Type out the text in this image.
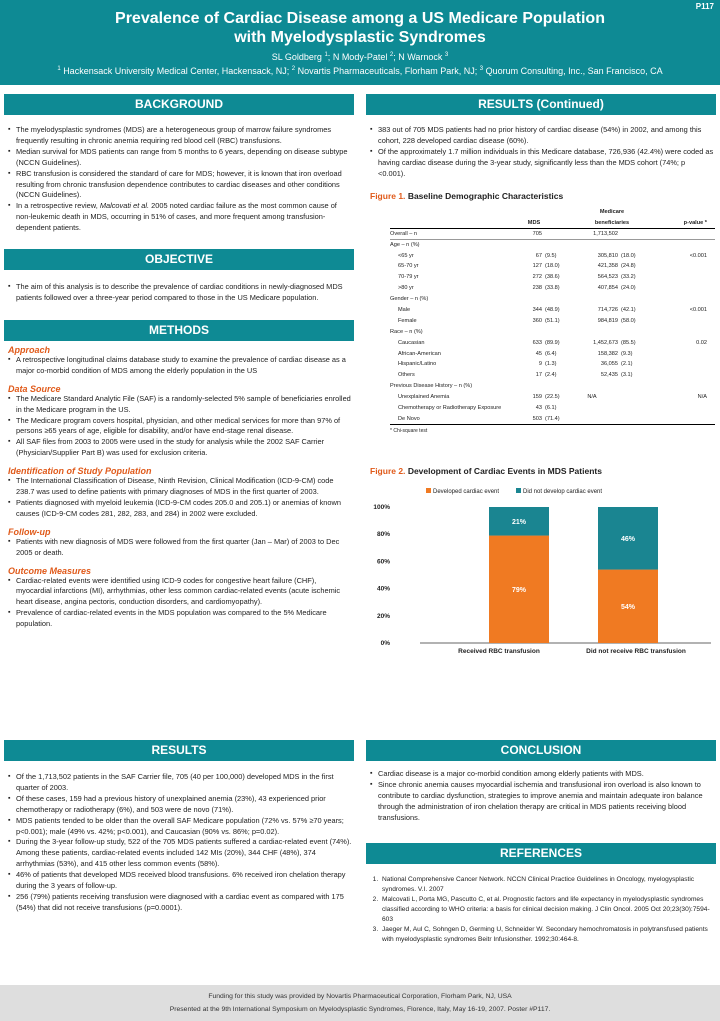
P117
Prevalence of Cardiac Disease among a US Medicare Population
with Myelodysplastic Syndromes
SL Goldberg $^1$; N Mody-Patel $^2$; N Warnock $^3$
$^1$ Hackensack University Medical Center, Hackensack, NJ; $^2$ Novartis Pharmaceuticals, Florham Park, NJ; $^3$ Quorum Consulting, Inc., San Francisco, CA
BACKGROUND
▪ The myelodysplastic syndromes (MDS) are a heterogeneous group of marrow failure syndromes frequently resulting in chronic anemia requiring red blood cell (RBC) transfusions.
▪ Median survival for MDS patients can range from 5 months to 6 years, depending on disease subtype (NCCN Guidelines).
▪ RBC transfusion is considered the standard of care for MDS; however, it is known that iron overload resulting from chronic transfusion dependence contributes to cardiac diseases and other conditions (NCCN Guidelines).
▪ In a retrospective review, Malcovati et al. 2005 noted cardiac failure as the most common cause of non-leukemic death in MDS, occurring in 51% of cases, and more frequent among transfusion-dependent patients.
OBJECTIVE
▪ The aim of this analysis is to describe the prevalence of cardiac conditions in newly-diagnosed MDS patients followed over a three-year period compared to those in the US Medicare population.
METHODS
Approach
▪ A retrospective longitudinal claims database study to examine the prevalence of cardiac disease as a major co-morbid condition of MDS among the elderly population in the US
Data Source
▪ The Medicare Standard Analytic File (SAF) is a randomly-selected 5% sample of beneficiaries enrolled in the Medicare program in the US.
▪ The Medicare program covers hospital, physician, and other medical services for more than 97% of persons ≥65 years of age, eligible for disability, and/or have end-stage renal disease.
▪ All SAF files from 2003 to 2005 were used in the study for analysis while the 2002 SAF Carrier (Physician/Supplier Part B) was used for exclusion criteria.
Identification of Study Population
▪ The International Classification of Disease, Ninth Revision, Clinical Modification (ICD-9-CM) code 238.7 was used to define patients with primary diagnoses of MDS in the first quarter of 2003.
▪ Patients diagnosed with myeloid leukemia (ICD-9-CM codes 205.0 and 205.1) or anemias of known causes (ICD-9-CM codes 281, 282, 283, and 284) in 2002 were excluded.
Follow-up
▪ Patients with new diagnosis of MDS were followed from the first quarter (Jan – Mar) of 2003 to Dec 2005 or death.
Outcome Measures
▪ Cardiac-related events were identified using ICD-9 codes for congestive heart failure (CHF), myocardial infarctions (MI), arrhythmias, other less common cardiac-related events (acute ischemic heart disease, angina pectoris, conduction disorders, and cardiomyopathy).
▪ Prevalence of cardiac-related events in the MDS population was compared to the 5% Medicare population.
RESULTS
▪ Of the 1,713,502 patients in the SAF Carrier file, 705 (40 per 100,000) developed MDS in the first quarter of 2003.
▪ Of these cases, 159 had a previous history of unexplained anemia (23%), 43 experienced prior chemotherapy or radiotherapy (6%), and 503 were de novo (71%).
▪ MDS patients tended to be older than the overall SAF Medicare population (72% vs. 57% ≥70 years; p<0.001); male (49% vs. 42%; p<0.001), and Caucasian (90% vs. 86%; p=0.02).
▪ During the 3-year follow-up study, 522 of the 705 MDS patients suffered a cardiac-related event (74%). Among these patients, cardiac-related events included 142 MIs (20%), 344 CHF (48%), 374 arrhythmias (53%), and 415 other less common events (58%).
▪ 46% of patients that developed MDS received blood transfusions. 6% received iron chelation therapy during the 3 years of follow-up.
▪ 256 (79%) patients receiving transfusion were diagnosed with a cardiac event as compared with 175 (54%) that did not receive transfusions (p=0.0001).
RESULTS (Continued)
▪ 383 out of 705 MDS patients had no prior history of cardiac disease (54%) in 2002, and among this cohort, 228 developed cardiac disease (60%).
▪ Of the approximately 1.7 million individuals in this Medicare database, 726,936 (42.4%) were coded as having cardiac disease during the 3-year study, significantly less than the MDS cohort (74%; p <0.001).
Figure 1. Baseline Demographic Characteristics
			Medicare		
	MDS		beneficiaries		p-value *
Overall – n	705		1,713,502		
Age – n (%)					
<65 yr	67	(9.5)	305,810	(18.0)	<0.001
65-70 yr	127	(18.0)	421,358	(24.8)	
70-79 yr	272	(38.6)	564,523	(33.2)	
>80 yr	238	(33.8)	407,854	(24.0)	
Gender – n (%)					
Male	344	(48.9)	714,726	(42.1)	<0.001
Female	360	(51.1)	984,819	(58.0)	
Race – n (%)					
Caucasian	633	(89.9)	1,452,673	(85.5)	0.02
African-American	45	(6.4)	158,382	(9.3)	
Hispanic/Latino	9	(1.3)	36,055	(2.1)	
Others	17	(2.4)	52,435	(3.1)	
Previous Disease History – n (%)					
Unexplained Anemia	159	(22.5)	N/A		N/A
Chemotherapy or Radiotherapy Exposure	43	(6.1)			
De Novo	503	(71.4)			
* Chi-square test
Figure 2. Development of Cardiac Events in MDS Patients
Developed cardiac event	Did not develop cardiac event
0%
20%
40%
60%
80%
100%
79%
21%
Received RBC transfusion
54%
46%
Did not receive RBC transfusion
CONCLUSION
▪ Cardiac disease is a major co-morbid condition among elderly patients with MDS.
▪ Since chronic anemia causes myocardial ischemia and transfusional iron overload is also known to contribute to cardiac dysfunction, strategies to improve anemia and maintain adequate iron balance through the administration of iron chelation therapy are critical in MDS patients receiving blood transfusions.
REFERENCES
1. National Comprehensive Cancer Network. NCCN Clinical Practice Guidelines in Oncology, myelogysplastic syndromes. V.I. 2007
2. Malcovati L, Porta MG, Pascutto C, et al. Prognostic factors and life expectancy in myelodysplastic syndromes classified according to WHO criteria: a basis for clinical decision making. J Clin Oncol. 2005 Oct 20;23(30):7594-603
3. Jaeger M, Aul C, Sohngen D, Germing U, Schneider W. Secondary hemochromatosis in polytransfused patients with myelodysplastic syndromes Beitr Infusionsther. 1992;30:464-8.
Funding for this study was provided by Novartis Pharmaceutical Corporation, Florham Park, NJ, USA
Presented at the 9th International Symposium on Myelodysplastic Syndromes, Florence, Italy, May 16-19, 2007. Poster #P117.
